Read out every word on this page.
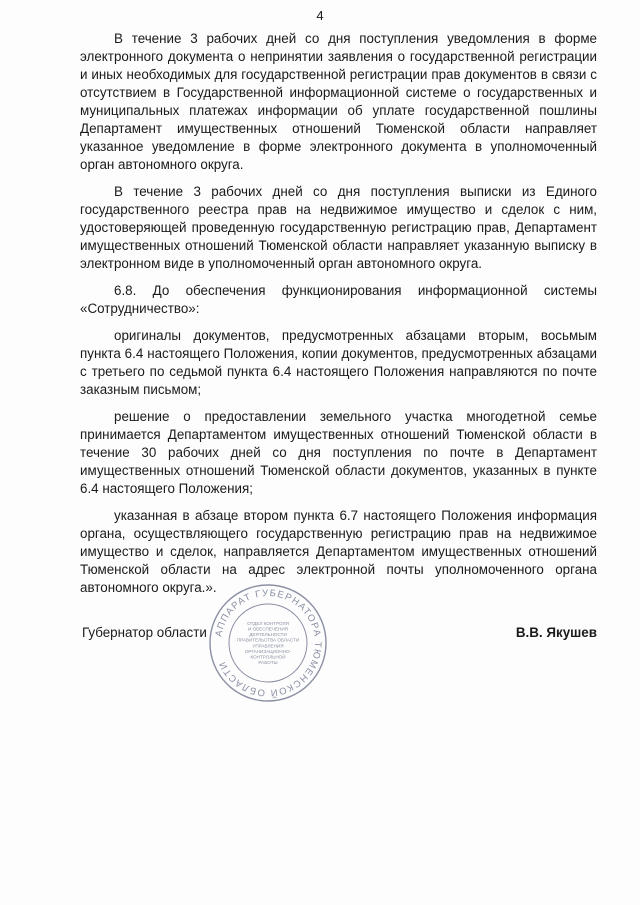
4

В течение 3 рабочих дней со дня поступления уведомления в форме электронного документа о непринятии заявления о государственной регистрации и иных необходимых для государственной регистрации прав документов в связи с отсутствием в Государственной информационной системе о государственных и муниципальных платежах информации об уплате государственной пошлины Департамент имущественных отношений Тюменской области направляет указанное уведомление в форме электронного документа в уполномоченный орган автономного округа.

В течение 3 рабочих дней со дня поступления выписки из Единого государственного реестра прав на недвижимое имущество и сделок с ним, удостоверяющей проведенную государственную регистрацию прав, Департамент имущественных отношений Тюменской области направляет указанную выписку в электронном виде в уполномоченный орган автономного округа.

6.8. До обеспечения функционирования информационной системы «Сотрудничество»:

оригиналы документов, предусмотренных абзацами вторым, восьмым пункта 6.4 настоящего Положения, копии документов, предусмотренных абзацами с третьего по седьмой пункта 6.4 настоящего Положения направляются по почте заказным письмом;

решение о предоставлении земельного участка многодетной семье принимается Департаментом имущественных отношений Тюменской области в течение 30 рабочих дней со дня поступления по почте в Департамент имущественных отношений Тюменской области документов, указанных в пункте 6.4 настоящего Положения;

указанная в абзаце втором пункта 6.7 настоящего Положения информация органа, осуществляющего государственную регистрацию прав на недвижимое имущество и сделок, направляется Департаментом имущественных отношений Тюменской области на адрес электронной почты уполномоченного органа автономного округа.».

Губернатор области	В.В. Якушев
АППАРАТ ГУБЕРНАТОРА ТЮМЕНСКОЙ ОБЛАСТИ
ОТДЕЛ КОНТРОЛЯ
И ОБЕСПЕЧЕНИЯ
ДЕЯТЕЛЬНОСТИ
ПРАВИТЕЛЬСТВА ОБЛАСТИ
УПРАВЛЕНИЯ
ОРГАНИЗАЦИОННО-
КОНТРОЛЬНОЙ
РАБОТЫ
